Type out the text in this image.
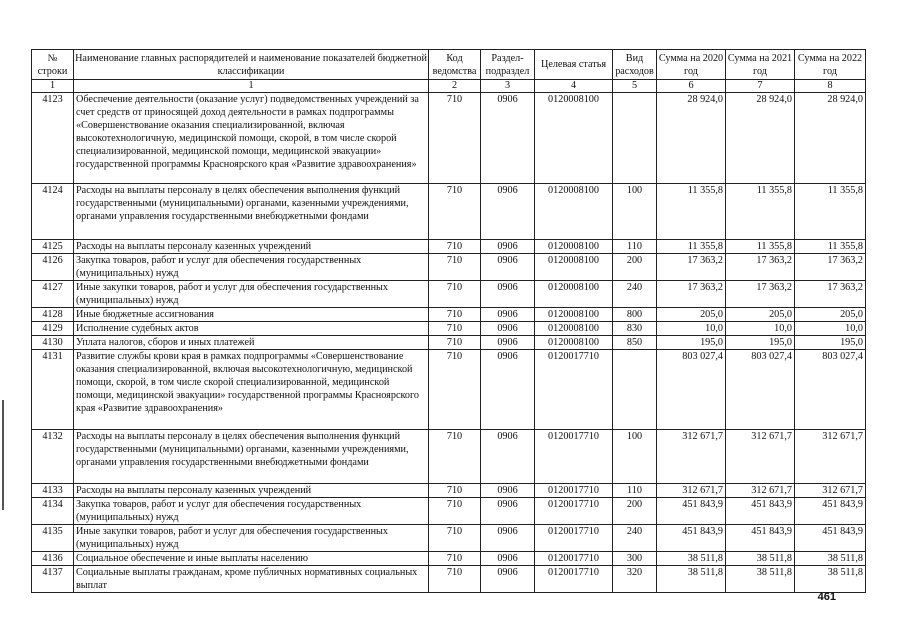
№ строки	Наименование главных распорядителей и наименование показателей бюджетной классификации	Код ведомства	Раздел- подраздел	Целевая статья	Вид расходов	Сумма на 2020 год	Сумма на 2021 год	Сумма на 2022 год
1	1	2	3	4	5	6	7	8
4123	Обеспечение деятельности (оказание услуг) подведомственных учреждений за счет средств от приносящей доход деятельности в рамках подпрограммы «Совершенствование оказания специализированной, включая высокотехнологичную, медицинской помощи, скорой, в том числе скорой специализированной, медицинской помощи, медицинской эвакуации» государственной программы Красноярского края «Развитие здравоохранения»	710	0906	0120008100		28 924,0	28 924,0	28 924,0
4124	Расходы на выплаты персоналу в целях обеспечения выполнения функций государственными (муниципальными) органами, казенными учреждениями, органами управления государственными внебюджетными фондами	710	0906	0120008100	100	11 355,8	11 355,8	11 355,8
4125	Расходы на выплаты персоналу казенных учреждений	710	0906	0120008100	110	11 355,8	11 355,8	11 355,8
4126	Закупка товаров, работ и услуг для обеспечения государственных (муниципальных) нужд	710	0906	0120008100	200	17 363,2	17 363,2	17 363,2
4127	Иные закупки товаров, работ и услуг для обеспечения государственных (муниципальных) нужд	710	0906	0120008100	240	17 363,2	17 363,2	17 363,2
4128	Иные бюджетные ассигнования	710	0906	0120008100	800	205,0	205,0	205,0
4129	Исполнение судебных актов	710	0906	0120008100	830	10,0	10,0	10,0
4130	Уплата налогов, сборов и иных платежей	710	0906	0120008100	850	195,0	195,0	195,0
4131	Развитие службы крови края в рамках подпрограммы «Совершенствование оказания специализированной, включая высокотехнологичную, медицинской помощи, скорой, в том числе скорой специализированной, медицинской помощи, медицинской эвакуации» государственной программы Красноярского края «Развитие здравоохранения»	710	0906	0120017710		803 027,4	803 027,4	803 027,4
4132	Расходы на выплаты персоналу в целях обеспечения выполнения функций государственными (муниципальными) органами, казенными учреждениями, органами управления государственными внебюджетными фондами	710	0906	0120017710	100	312 671,7	312 671,7	312 671,7
4133	Расходы на выплаты персоналу казенных учреждений	710	0906	0120017710	110	312 671,7	312 671,7	312 671,7
4134	Закупка товаров, работ и услуг для обеспечения государственных (муниципальных) нужд	710	0906	0120017710	200	451 843,9	451 843,9	451 843,9
4135	Иные закупки товаров, работ и услуг для обеспечения государственных (муниципальных) нужд	710	0906	0120017710	240	451 843,9	451 843,9	451 843,9
4136	Социальное обеспечение и иные выплаты населению	710	0906	0120017710	300	38 511,8	38 511,8	38 511,8
4137	Социальные выплаты гражданам, кроме публичных нормативных социальных выплат	710	0906	0120017710	320	38 511,8	38 511,8	38 511,8
461
